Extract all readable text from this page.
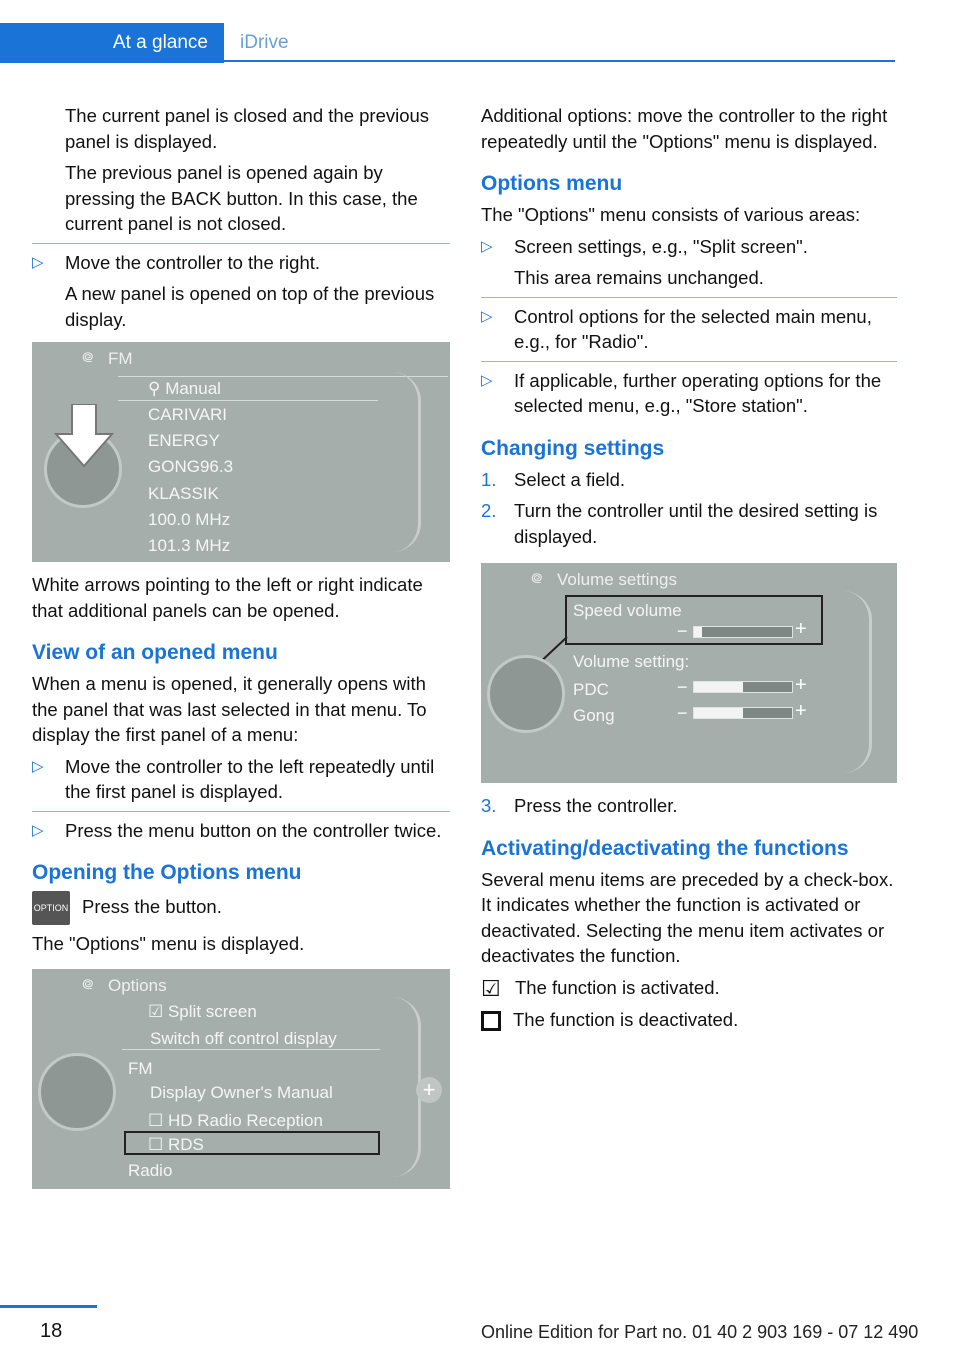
At a glance iDrive

The current panel is closed and the previous panel is displayed.

The previous panel is opened again by pressing the BACK button. In this case, the current panel is not closed.

▷ Move the controller to the right.

A new panel is opened on top of the previous display.

᪤ FM
⚲ Manual
CARIVARI
ENERGY
GONG96.3
KLASSIK
100.0 MHz
101.3 MHz

White arrows pointing to the left or right indicate that additional panels can be opened.

View of an opened menu

When a menu is opened, it generally opens with the panel that was last selected in that menu. To display the first panel of a menu:

▷ Move the controller to the left repeatedly until the first panel is displayed.
▷ Press the menu button on the controller twice.
Opening the Options menu

OPTION Press the button.

The "Options" menu is displayed.

᪤ Options
☑ Split screen
Switch off control display
FM
Display Owner's Manual
☐ HD Radio Reception
☐ RDS
Radio
+

Additional options: move the controller to the right repeatedly until the "Options" menu is displayed.

Options menu

The "Options" menu consists of various areas:

▷ Screen settings, e.g., "Split screen".

This area remains unchanged.

▷ Control options for the selected main menu, e.g., for "Radio".
▷ If applicable, further operating options for the selected menu, e.g., "Store station".
Changing settings
1. Select a field.
2. Turn the controller until the desired setting is displayed.
᪤ Volume settings
Speed volume
−	+
Volume setting:
PDC	−	+
Gong	−	+
3. Press the controller.
Activating/deactivating the functions

Several menu items are preceded by a check-box. It indicates whether the function is activated or deactivated. Selecting the menu item activates or deactivates the function.

☑ The function is activated.

The function is deactivated.

18	Online Edition for Part no. 01 40 2 903 169 - 07 12 490
